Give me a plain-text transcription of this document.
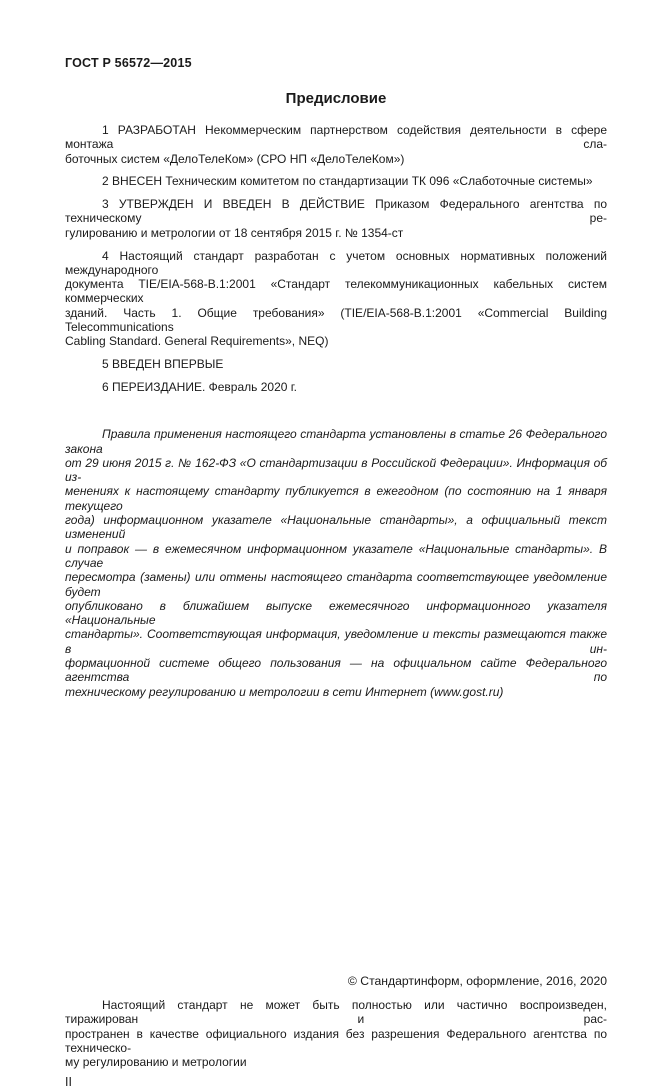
ГОСТ Р 56572—2015
Предисловие

1 РАЗРАБОТАН Некоммерческим партнерством содействия деятельности в сфере монтажа сла-
боточных систем «ДелоТелеКом» (СРО НП «ДелоТелеКом»)

2 ВНЕСЕН Техническим комитетом по стандартизации ТК 096 «Слаботочные системы»

3 УТВЕРЖДЕН И ВВЕДЕН В ДЕЙСТВИЕ Приказом Федерального агентства по техническому ре-
гулированию и метрологии от 18 сентября 2015 г. № 1354-ст

4 Настоящий стандарт разработан с учетом основных нормативных положений международного
документа TIE/EIA-568-B.1:2001 «Стандарт телекоммуникационных кабельных систем коммерческих
зданий. Часть 1. Общие требования» (TIE/EIA-568-B.1:2001 «Commercial Building Telecommunications
Cabling Standard. General Requirements», NEQ)

5 ВВЕДЕН ВПЕРВЫЕ

6 ПЕРЕИЗДАНИЕ. Февраль 2020 г.

Правила применения настоящего стандарта установлены в статье 26 Федерального закона
от 29 июня 2015 г. № 162-ФЗ «О стандартизации в Российской Федерации». Информация об из-
менениях к настоящему стандарту публикуется в ежегодном (по состоянию на 1 января текущего
года) информационном указателе «Национальные стандарты», а официальный текст изменений
и поправок — в ежемесячном информационном указателе «Национальные стандарты». В случае
пересмотра (замены) или отмены настоящего стандарта соответствующее уведомление будет
опубликовано в ближайшем выпуске ежемесячного информационного указателя «Национальные
стандарты». Соответствующая информация, уведомление и тексты размещаются также в ин-
формационной системе общего пользования — на официальном сайте Федерального агентства по
техническому регулированию и метрологии в сети Интернет (www.gost.ru)

© Стандартинформ, оформление, 2016, 2020

Настоящий стандарт не может быть полностью или частично воспроизведен, тиражирован и рас-
пространен в качестве официального издания без разрешения Федерального агентства по техническо-
му регулированию и метрологии

II
